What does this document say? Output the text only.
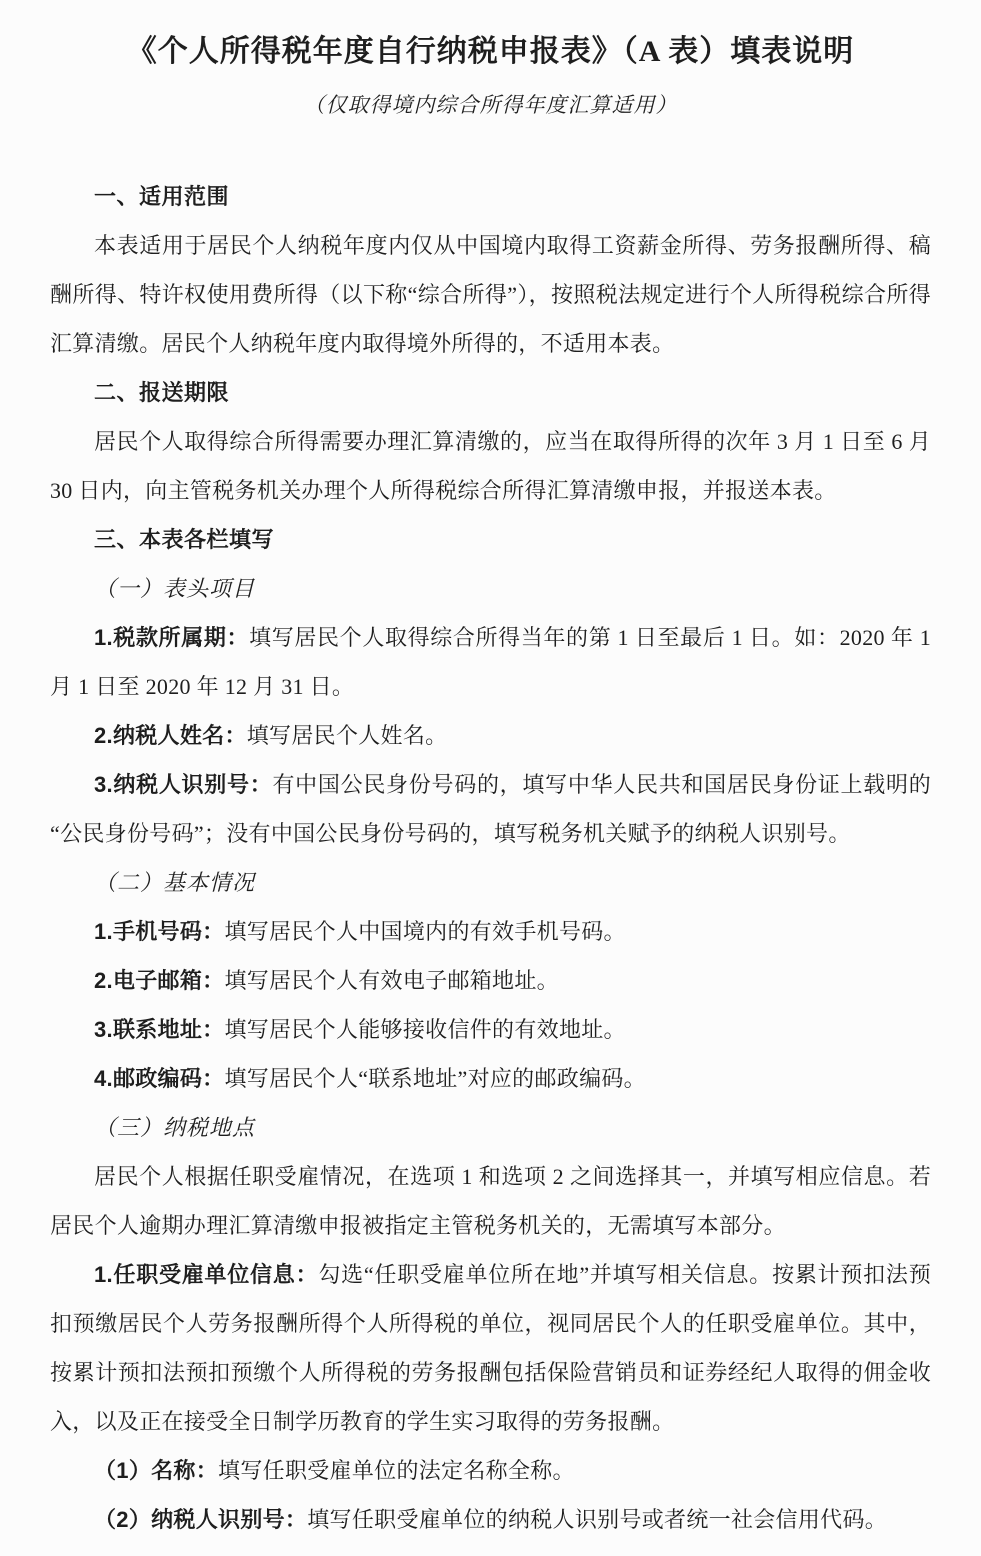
《个人所得税年度自行纳税申报表》（A 表）填表说明
（仅取得境内综合所得年度汇算适用）
一、适用范围

本表适用于居民个人纳税年度内仅从中国境内取得工资薪金所得、劳务报酬所得、稿酬所得、特许权使用费所得（以下称“综合所得”），按照税法规定进行个人所得税综合所得汇算清缴。居民个人纳税年度内取得境外所得的，不适用本表。

二、报送期限

居民个人取得综合所得需要办理汇算清缴的，应当在取得所得的次年 3 月 1 日至 6 月 30 日内，向主管税务机关办理个人所得税综合所得汇算清缴申报，并报送本表。

三、本表各栏填写
（一）表头项目

1.税款所属期：填写居民个人取得综合所得当年的第 1 日至最后 1 日。如：2020 年 1 月 1 日至 2020 年 12 月 31 日。

2.纳税人姓名：填写居民个人姓名。

3.纳税人识别号：有中国公民身份号码的，填写中华人民共和国居民身份证上载明的“公民身份号码”；没有中国公民身份号码的，填写税务机关赋予的纳税人识别号。

（二）基本情况

1.手机号码：填写居民个人中国境内的有效手机号码。

2.电子邮箱：填写居民个人有效电子邮箱地址。

3.联系地址：填写居民个人能够接收信件的有效地址。

4.邮政编码：填写居民个人“联系地址”对应的邮政编码。

（三）纳税地点

居民个人根据任职受雇情况，在选项 1 和选项 2 之间选择其一，并填写相应信息。若居民个人逾期办理汇算清缴申报被指定主管税务机关的，无需填写本部分。

1.任职受雇单位信息：勾选“任职受雇单位所在地”并填写相关信息。按累计预扣法预扣预缴居民个人劳务报酬所得个人所得税的单位，视同居民个人的任职受雇单位。其中，按累计预扣法预扣预缴个人所得税的劳务报酬包括保险营销员和证券经纪人取得的佣金收入，以及正在接受全日制学历教育的学生实习取得的劳务报酬。

（1）名称：填写任职受雇单位的法定名称全称。

（2）纳税人识别号：填写任职受雇单位的纳税人识别号或者统一社会信用代码。
